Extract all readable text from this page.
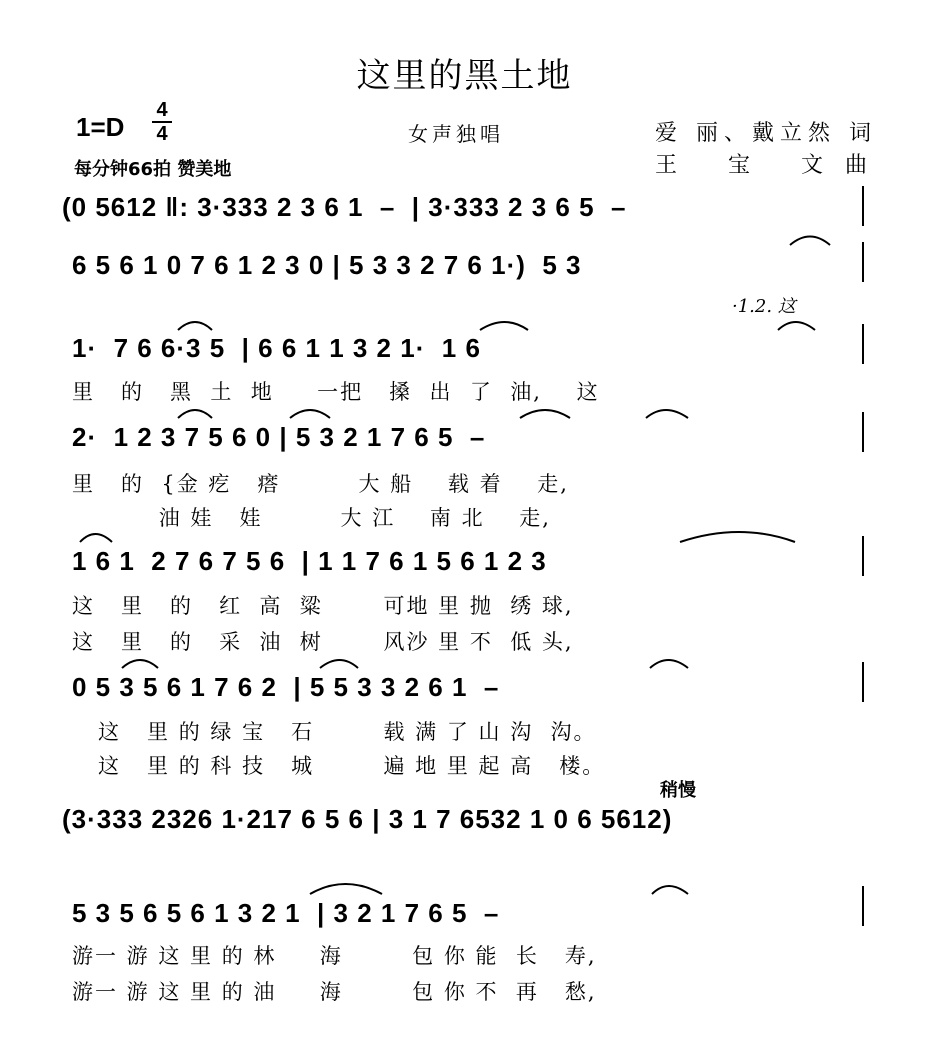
这里的黑土地
1=D
4
4	女声独唱	爱 丽、戴立然 词
王 宝 文曲
每分钟66拍 赞美地
(0 5612 ‖: 3·333 2 3 6 1  –  | 3·333 2 3 6 5  –
6 5 6 1 0 7 6 1 2 3 0 | 5 3 3 2 7 6 1·)  5 3
·1.2. 这
1·  7 6 6·3 5  | 6 6 1 1 3 2 1·  1 6
里   的   黑  土  地     一把   搡  出  了  油,    这
2·  1 2 3 7 5 6 0 | 5 3 2 1 7 6 5  –
里   的  {金 疙   瘩         大 船    载 着    走,
油 娃   娃         大 江    南 北    走,
1 6 1  2 7 6 7 5 6  | 1 1 7 6 1 5 6 1 2 3
这   里   的   红  高  粱       可地 里 抛  绣 球,
这   里   的   采  油  树       风沙 里 不  低 头,
0 5 3 5 6 1 7 6 2  | 5 5 3 3 2 6 1  –
这   里 的 绿 宝   石        载 满 了 山 沟  沟。
这   里 的 科 技   城        遍 地 里 起 高   楼。
稍慢
(3·333 2326 1·217 6 5 6 | 3 1 7 6532 1 0 6 5612)
5 3 5 6 5 6 1 3 2 1  | 3 2 1 7 6 5  –
游一 游 这 里 的 林     海        包 你 能  长   寿,
游一 游 这 里 的 油     海        包 你 不  再   愁,
